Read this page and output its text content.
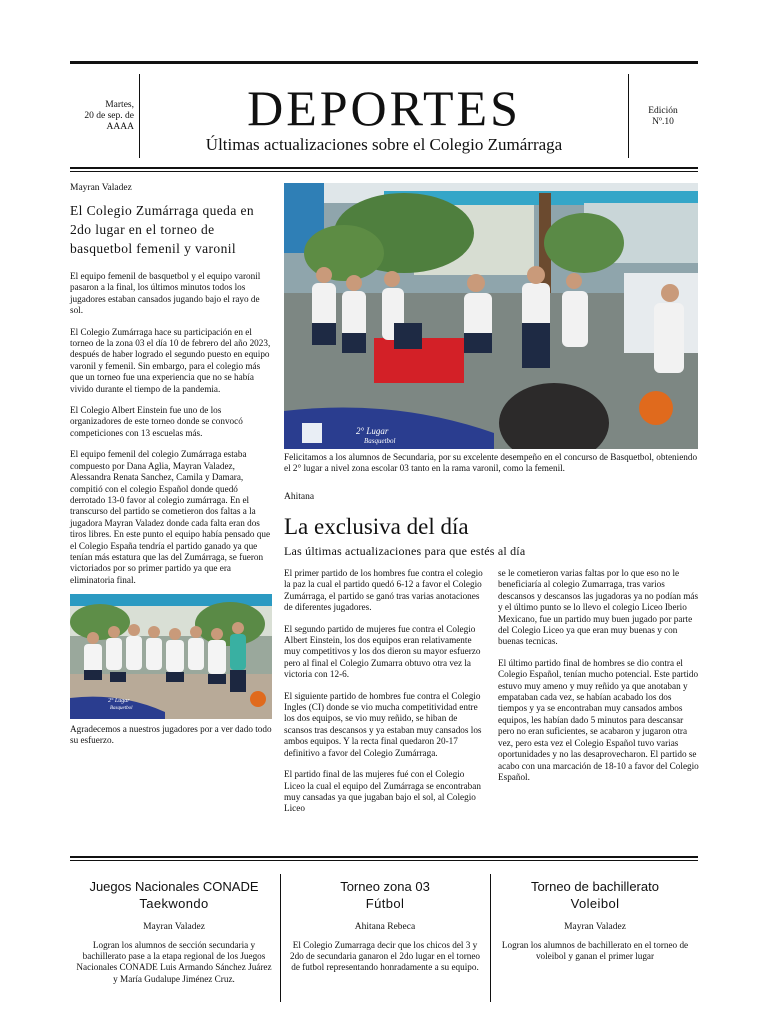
Martes,
20 de sep. de
AAAA	DEPORTES
Últimas actualizaciones sobre el Colegio Zumárraga
Edición
Nº.10
Mayran Valadez
El Colegio Zumárraga queda en 2do lugar en el torneo de basquetbol femenil y varonil

El equipo femenil de basquetbol y el equipo varonil pasaron a la final, los últimos minutos todos los jugadores estaban cansados jugando bajo el rayo de sol.

El Colegio Zumárraga hace su participación en el torneo de la zona 03 el día 10 de febrero del año 2023, después de haber logrado el segundo puesto en equipo varonil y femenil. Sin embargo, para el colegio más que un torneo fue una experiencia que no se había vivido durante el tiempo de la pandemia.

El Colegio Albert Einstein fue uno de los organizadores de este torneo donde se convocó competiciones con 13 escuelas más.

El equipo femenil del colegio Zumárraga estaba compuesto por Dana Aglia, Mayran Valadez, Alessandra Renata Sanchez, Camila y Damara, compitió con el colegio Español donde quedó derrotado 13-0 favor al colegio zumárraga. En el transcurso del partido se cometieron dos faltas a la jugadora Mayran Valadez donde cada falta eran dos tiros libres. En este punto el equipo había pensado que el Colegio España tendría el partido ganado ya que tenían más estatura que las del Zumárraga, se fueron victoriados por so primer partido ya que era eliminatoria final.

2° Lugar
Basquetbol
Felicitamos a los alumnos de Secundaria, por su excelente desempeño en el concurso de Basquetbol, obteniendo el 2° lugar a nivel zona escolar 03 tanto en la rama varonil, como la femenil.
Ahitana
La exclusiva del día
Las últimas actualizaciones para que estés al día

El primer partido de los hombres fue contra el colegio la paz la cual el partido quedó 6-12 a favor el Colegio Zumárraga, el partido se ganó tras varias anotaciones de diferentes jugadores.

El segundo partido de mujeres fue contra el Colegio Albert Einstein, los dos equipos eran relativamente muy competitivos y los dos dieron su mayor esfuerzo pero al final el Colegio Zumarra obtuvo otra vez la victoria con 12-6.

El siguiente partido de hombres fue contra el Colegio Ingles (CI) donde se vio mucha competitividad entre los dos equipos, se vio muy reñido, se hiban de scansos tras descansos y ya estaban muy cansados los ambos equipos. Y la recta final quedaron 20-17 definitivo a favor del Colegio Zumárraga.

El partido final de las mujeres fué con el Colegio Liceo la cual el equipo del Zumárraga se encontraban muy cansadas ya que jugaban bajo el sol, al Colegio Liceo

se le cometieron varias faltas por lo que eso no le beneficiaría al colegio Zumarraga, tras varios descansos y descansos las jugadoras ya no podían más y el último punto se lo llevo el colegio Liceo Iberio Mexicano, fue un partido muy buen jugado por parte del Colegio Liceo ya que eran muy buenas y con buenas tecnicas.

El último partido final de hombres se dio contra el Colegio Español, tenían mucho potencial. Este partido estuvo muy ameno y muy reñido ya que anotaban y empataban cada vez, se habían acabado los dos tiempos y ya se encontraban muy cansados ambos equipos, les habían dado 5 minutos para descansar pero no eran suficientes, se acabaron y jugaron otra vez, pero esta vez el Colegio Español tuvo varias oportunidades y no las desaprovecharon. El partido se acabo con una marcación de 18-10 a favor del Colegio Español.

2° Lugar
Basquetbol
Agradecemos a nuestros jugadores por a ver dado todo su esfuerzo.
Juegos Nacionales CONADE
Taekwondo
Mayran Valadez
Logran los alumnos de sección secundaria y bachillerato pase a la etapa regional de los Juegos Nacionales CONADE Luis Armando Sánchez Juárez y María Gudalupe Jiménez Cruz.
Torneo zona 03
Fútbol
Ahitana Rebeca
El Colegio Zumarraga decir que los chicos del 3 y 2do de secundaria ganaron el 2do lugar en el torneo de futbol representando honradamente a su equipo.
Torneo de bachillerato
Voleibol
Mayran Valadez
Logran los alumnos de bachillerato en el torneo de voleibol y ganan el primer lugar
